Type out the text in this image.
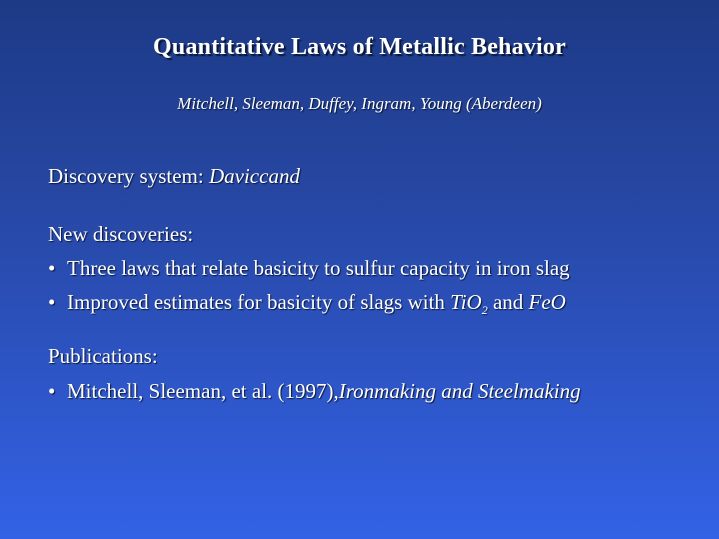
Quantitative Laws of Metallic Behavior
Mitchell, Sleeman, Duffey, Ingram, Young (Aberdeen)
Discovery system: Daviccand
New discoveries:
• Three laws that relate basicity to sulfur capacity in iron slag
• Improved estimates for basicity of slags with TiO$_2$ and FeO
Publications:
• Mitchell, Sleeman, et al. (1997),Ironmaking and Steelmaking
